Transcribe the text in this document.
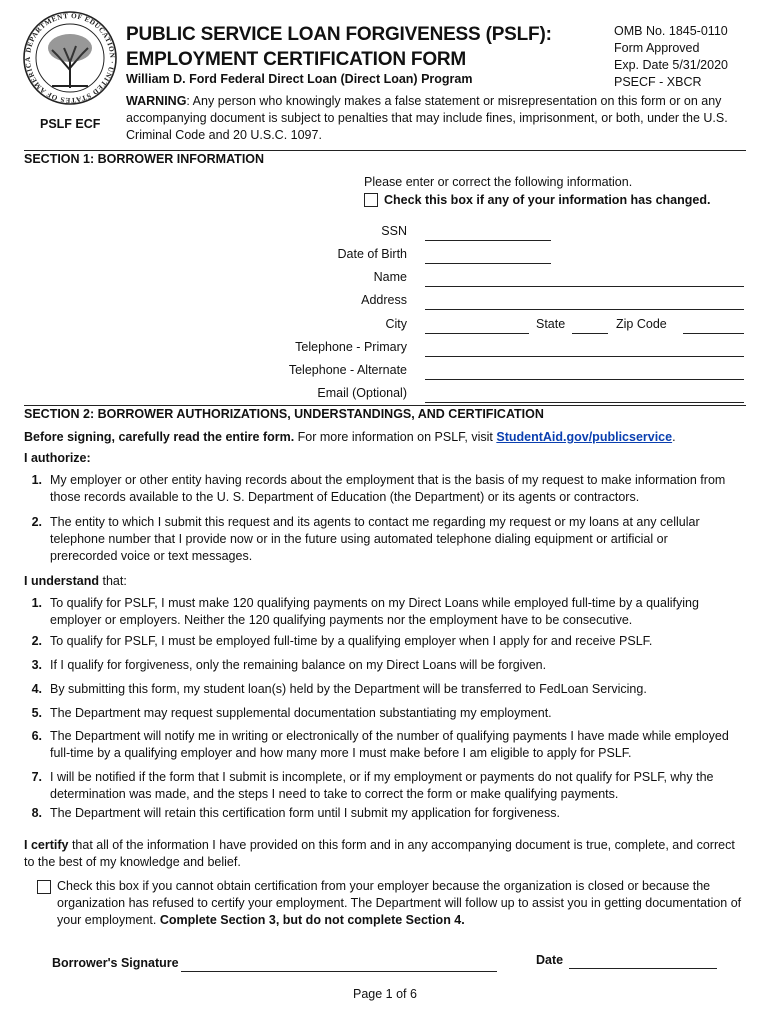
DEPARTMENT OF EDUCATION · UNITED STATES OF AMERICA
PSLF ECF
PUBLIC SERVICE LOAN FORGIVENESS (PSLF):
EMPLOYMENT CERTIFICATION FORM
William D. Ford Federal Direct Loan (Direct Loan) Program
OMB No. 1845-0110
Form Approved
Exp. Date 5/31/2020
PSECF - XBCR
WARNING: Any person who knowingly makes a false statement or misrepresentation on this form or on any accompanying document is subject to penalties that may include fines, imprisonment, or both, under the U.S. Criminal Code and 20 U.S.C. 1097.
SECTION 1: BORROWER INFORMATION
Please enter or correct the following information.
Check this box if any of your information has changed.
SSN
Date of Birth
Name
Address
City	State	Zip Code
Telephone - Primary
Telephone - Alternate
Email (Optional)
SECTION 2: BORROWER AUTHORIZATIONS, UNDERSTANDINGS, AND CERTIFICATION
Before signing, carefully read the entire form. For more information on PSLF, visit StudentAid.gov/publicservice.
I authorize:
1. My employer or other entity having records about the employment that is the basis of my request to make information from those records available to the U. S. Department of Education (the Department) or its agents or contractors.
2. The entity to which I submit this request and its agents to contact me regarding my request or my loans at any cellular telephone number that I provide now or in the future using automated telephone dialing equipment or artificial or prerecorded voice or text messages.
I understand that:
1. To qualify for PSLF, I must make 120 qualifying payments on my Direct Loans while employed full-time by a qualifying employer or employers. Neither the 120 qualifying payments nor the employment have to be consecutive.
2. To qualify for PSLF, I must be employed full-time by a qualifying employer when I apply for and receive PSLF.
3. If I qualify for forgiveness, only the remaining balance on my Direct Loans will be forgiven.
4. By submitting this form, my student loan(s) held by the Department will be transferred to FedLoan Servicing.
5. The Department may request supplemental documentation substantiating my employment.
6. The Department will notify me in writing or electronically of the number of qualifying payments I have made while employed full-time by a qualifying employer and how many more I must make before I am eligible to apply for PSLF.
7. I will be notified if the form that I submit is incomplete, or if my employment or payments do not qualify for PSLF, why the determination was made, and the steps I need to take to correct the form or make qualifying payments.
8. The Department will retain this certification form until I submit my application for forgiveness.
I certify that all of the information I have provided on this form and in any accompanying document is true, complete, and correct to the best of my knowledge and belief.
Check this box if you cannot obtain certification from your employer because the organization is closed or because the organization has refused to certify your employment. The Department will follow up to assist you in getting documentation of your employment. Complete Section 3, but do not complete Section 4.
Borrower's Signature	Date
Page 1 of 6
